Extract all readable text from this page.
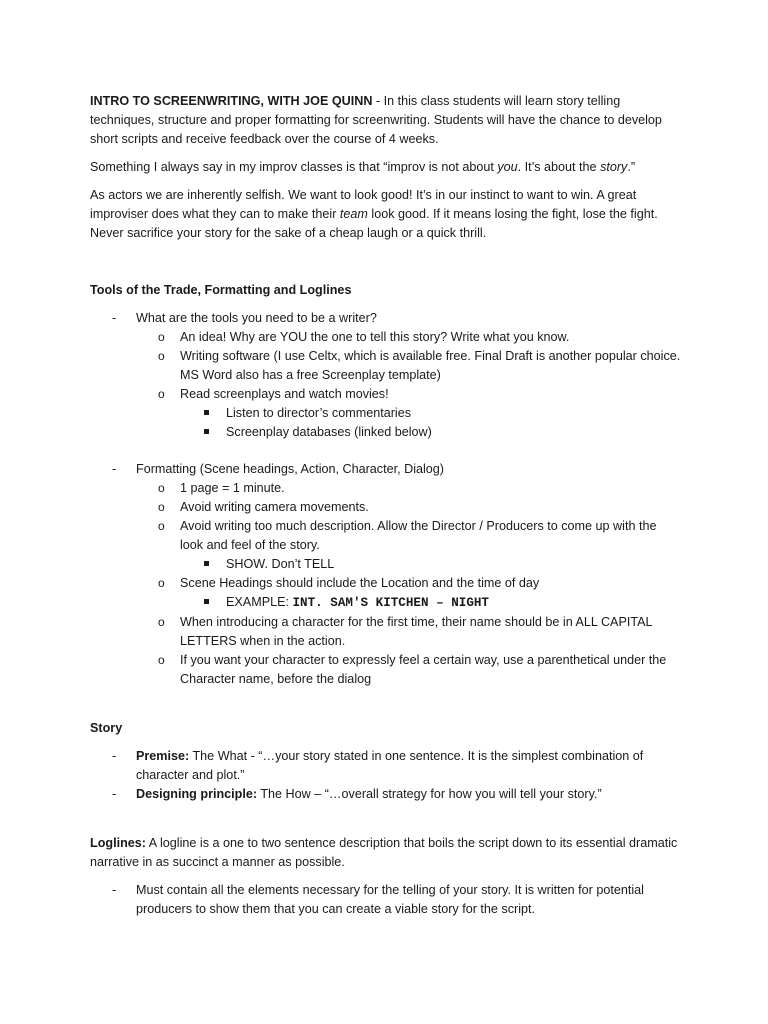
INTRO TO SCREENWRITING, WITH JOE QUINN - In this class students will learn story telling techniques, structure and proper formatting for screenwriting. Students will have the chance to develop short scripts and receive feedback over the course of 4 weeks.

Something I always say in my improv classes is that “improv is not about you. It’s about the story.”

As actors we are inherently selfish. We want to look good! It’s in our instinct to want to win. A great improviser does what they can to make their team look good. If it means losing the fight, lose the fight. Never sacrifice your story for the sake of a cheap laugh or a quick thrill.

Tools of the Trade, Formatting and Loglines

- What are the tools you need to be a writer?
o An idea! Why are YOU the one to tell this story? Write what you know.
o Writing software (I use Celtx, which is available free. Final Draft is another popular choice. MS Word also has a free Screenplay template)
o Read screenplays and watch movies!
Listen to director’s commentaries
Screenplay databases (linked below)
- Formatting (Scene headings, Action, Character, Dialog)
o 1 page = 1 minute.
o Avoid writing camera movements.
o Avoid writing too much description. Allow the Director / Producers to come up with the look and feel of the story.
SHOW. Don’t TELL
o Scene Headings should include the Location and the time of day
EXAMPLE: INT. SAM'S KITCHEN – NIGHT
o When introducing a character for the first time, their name should be in ALL CAPITAL LETTERS when in the action.
o If you want your character to expressly feel a certain way, use a parenthetical under the Character name, before the dialog

Story

- Premise: The What - “…your story stated in one sentence. It is the simplest combination of character and plot.”
- Designing principle: The How – “…overall strategy for how you will tell your story.”

Loglines: A logline is a one to two sentence description that boils the script down to its essential dramatic narrative in as succinct a manner as possible.

- Must contain all the elements necessary for the telling of your story. It is written for potential producers to show them that you can create a viable story for the script.
